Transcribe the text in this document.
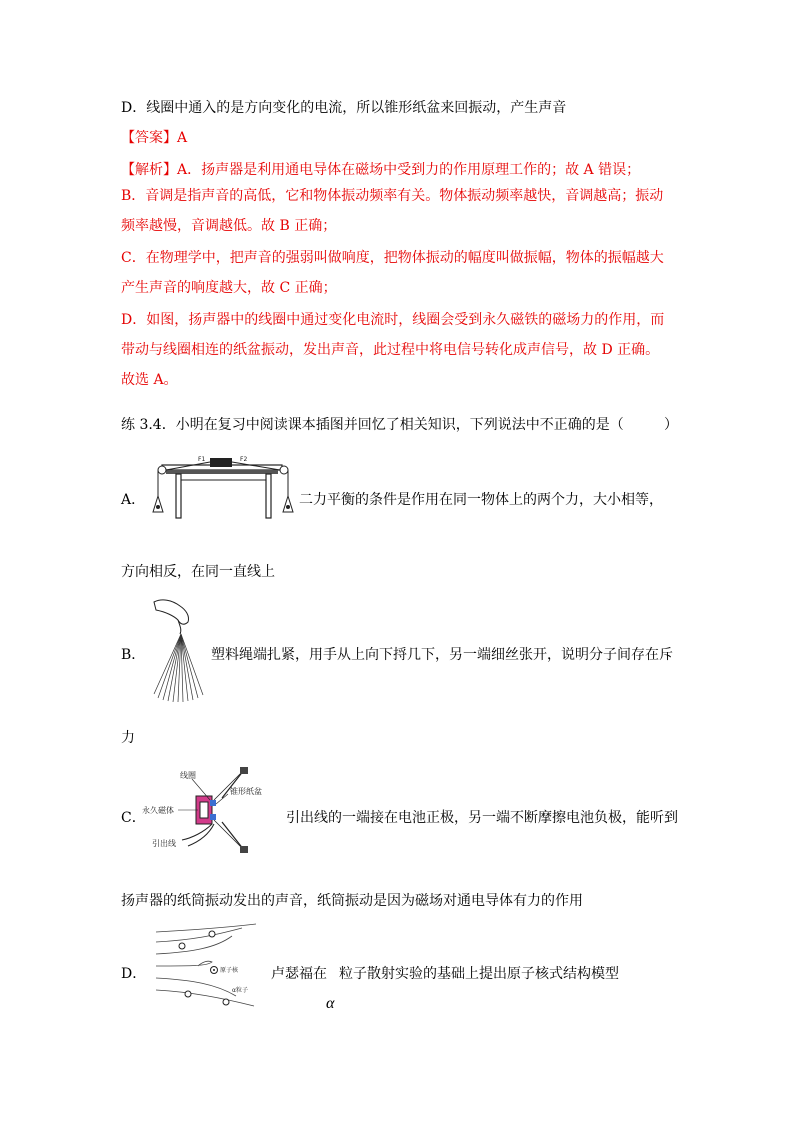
D．线圈中通入的是方向变化的电流，所以锥形纸盆来回振动，产生声音
【答案】A
【解析】A．扬声器是利用通电导体在磁场中受到力的作用原理工作的；故 A 错误；
B．音调是指声音的高低，它和物体振动频率有关。物体振动频率越快，音调越高；振动
频率越慢，音调越低。故 B 正确；
C．在物理学中，把声音的强弱叫做响度，把物体振动的幅度叫做振幅，物体的振幅越大
产生声音的响度越大，故 C 正确；
D．如图，扬声器中的线圈中通过变化电流时，线圈会受到永久磁铁的磁场力的作用，而
带动与线圈相连的纸盆振动，发出声音，此过程中将电信号转化成声信号，故 D 正确。
故选 A。
练 3.4．小明在复习中阅读课本插图并回忆了相关知识，下列说法中不正确的是（	）
A．
F1	F2
二力平衡的条件是作用在同一物体上的两个力，大小相等，
方向相反，在同一直线上
B．	塑料绳端扎紧，用手从上向下捋几下，另一端细丝张开，说明分子间存在斥
力
C．
线圈
锥形纸盆
永久磁体
引出线
引出线的一端接在电池正极，另一端不断摩擦电池负极，能听到
扬声器的纸筒振动发出的声音，纸筒振动是因为磁场对通电导体有力的作用
D．	原子核
α粒子
卢瑟福在 粒子散射实验的基础上提出原子核式结构模型
α
